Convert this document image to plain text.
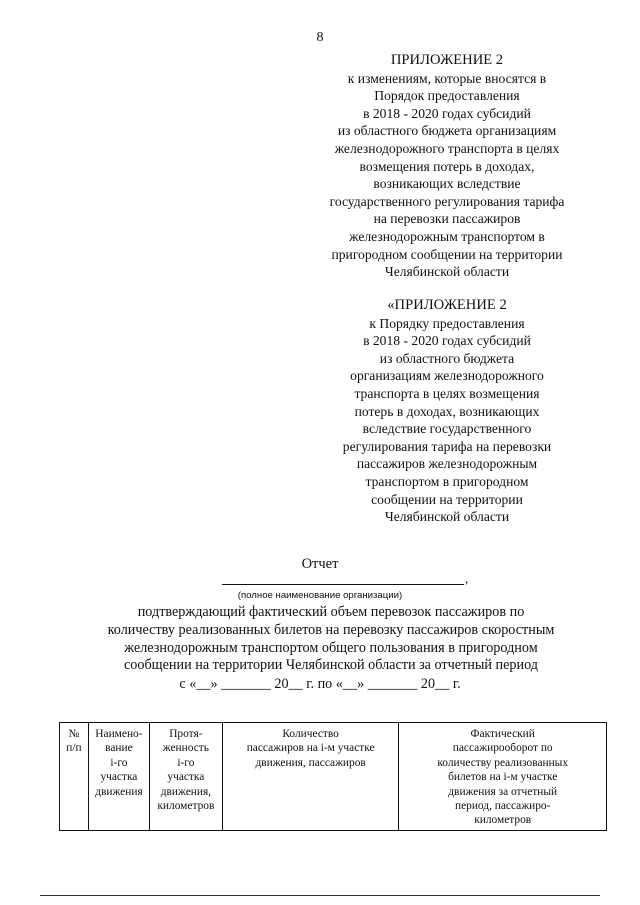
8
ПРИЛОЖЕНИЕ 2
к изменениям, которые вносятся в
Порядок предоставления
в 2018 - 2020 годах субсидий
из областного бюджета организациям
железнодорожного транспорта в целях
возмещения потерь в доходах,
возникающих вследствие
государственного регулирования тарифа
на перевозки пассажиров
железнодорожным транспортом в
пригородном сообщении на территории
Челябинской области
«ПРИЛОЖЕНИЕ 2
к Порядку предоставления
в 2018 - 2020 годах субсидий
из областного бюджета
организациям железнодорожного
транспорта в целях возмещения
потерь в доходах, возникающих
вследствие государственного
регулирования тарифа на перевозки
пассажиров железнодорожным
транспортом в пригородном
сообщении на территории
Челябинской области
Отчет
,
(полное наименование организации)
подтверждающий фактический объем перевозок пассажиров по
количеству реализованных билетов на перевозку пассажиров скоростным
железнодорожным транспортом общего пользования в пригородном
сообщении на территории Челябинской области за отчетный период
с «__» _______ 20__ г. по «__» _______ 20__ г.
№
п/п

Наимено-
вание
i-го
участка
движения

Протя-
женность
i-го
участка
движения,
километров

Количество
пассажиров на i-м участке
движения, пассажиров

Фактический
пассажирооборот по
количеству реализованных
билетов на i-м участке
движения за отчетный
период, пассажиро-
километров
